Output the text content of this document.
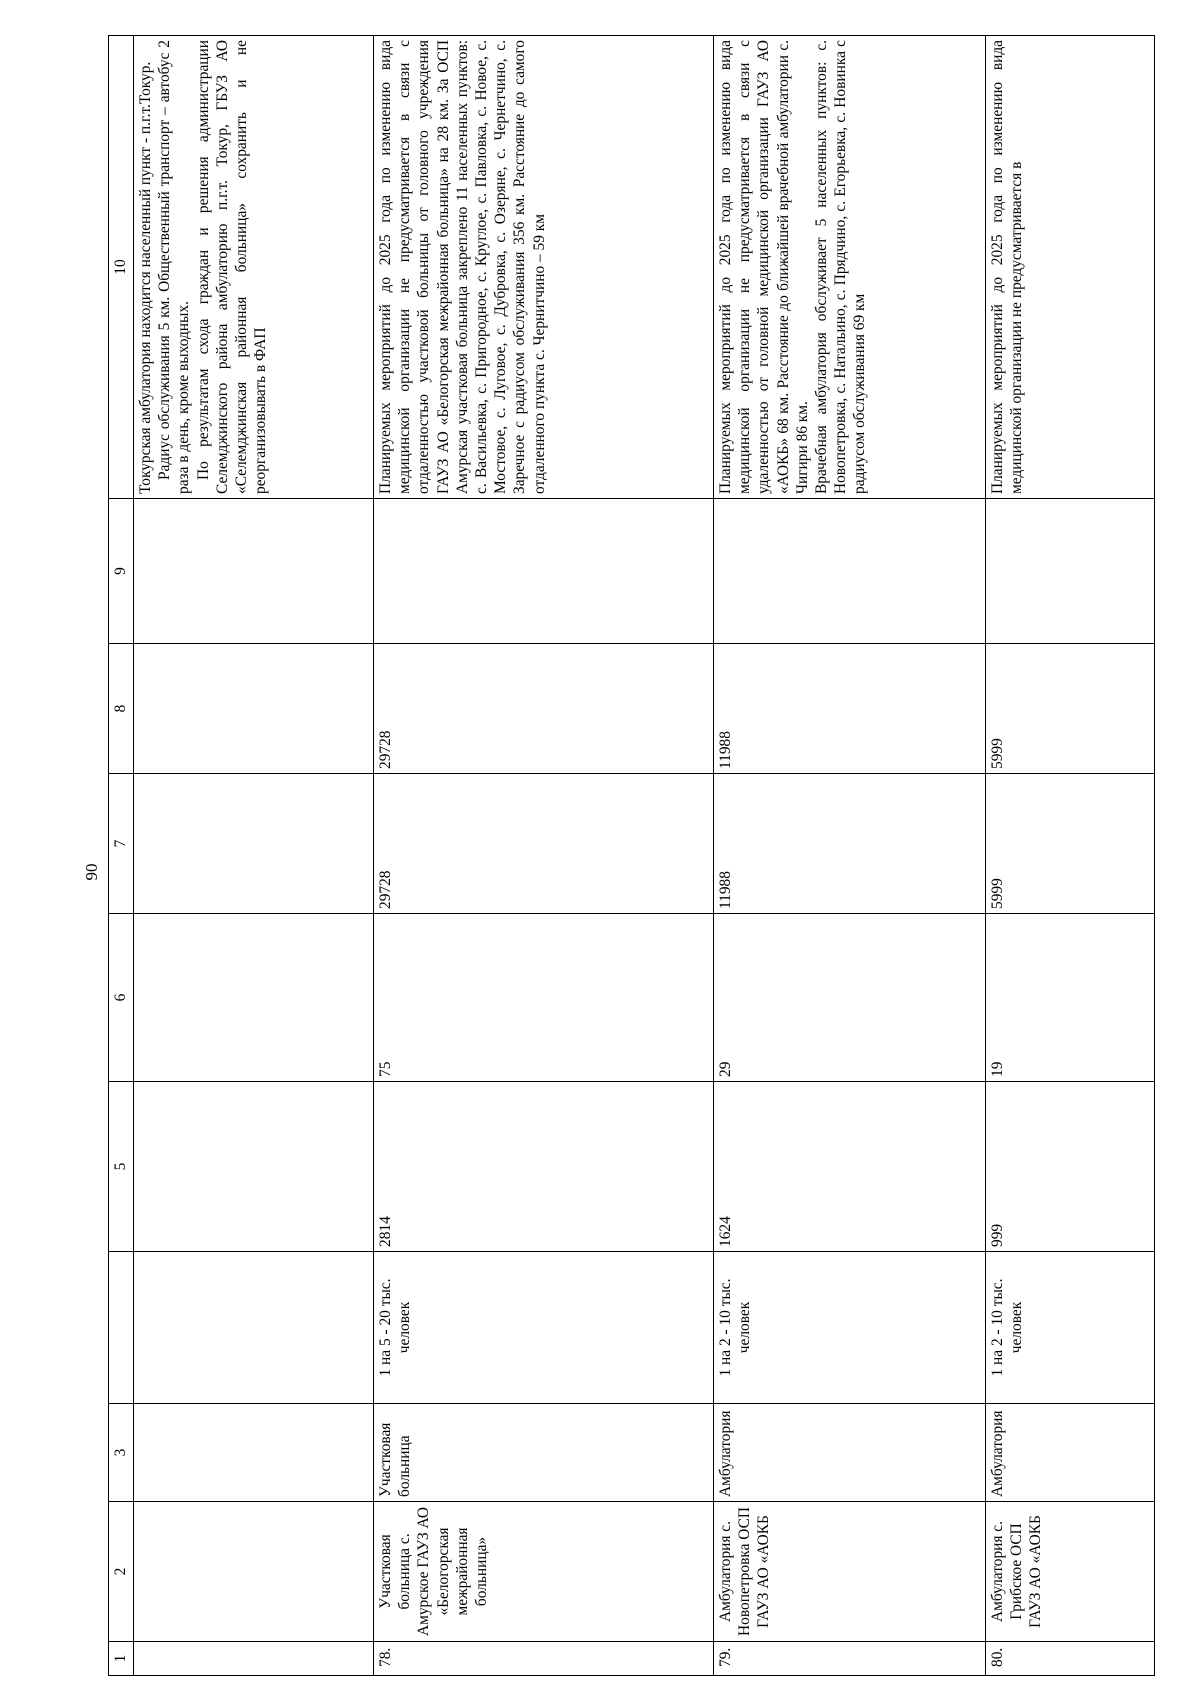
90
1	2	3		5	6	7	8	9	10

									Токурская амбулатория находится населенный пункт - п.г.т.Токур. Радиус обслуживания 5 км. Общественный транспорт – автобус 2 раза в день, кроме выходных. По результатам схода граждан и решения администрации Селемджинского района амбулаторию п.г.т. Токур, ГБУЗ АО «Селемджинская районная больница» сохранить и не реорганизовывать в ФАП

78.	Участковая больница с. Амурское ГАУЗ АО «Белогорская межрайонная больница»	Участковая больница	1 на 5 - 20 тыс. человек	2814	75	29728	29728		Планируемых мероприятий до 2025 года по изменению вида медицинской организации не предусматривается в связи с отдаленностью участковой больницы от головного учреждения ГАУЗ АО «Белогорская межрайонная больница» на 28 км. За ОСП Амурская участковая больница закреплено 11 населенных пунктов: с. Васильевка, с. Пригородное, с. Круглое, с. Павловка, с. Новое, с. Мостовое, с. Луговое, с. Дубровка, с. Озеряне, с. Чернетчино, с. Заречное с радиусом обслуживания 356 км. Расстояние до самого отдаленного пункта с. Чернитчино – 59 км

79.	Амбулатория с. Новопетровка ОСП ГАУЗ АО «АОКБ	Амбулатория	1 на 2 - 10 тыс. человек	1624	29	11988	11988		Планируемых мероприятий до 2025 года по изменению вида медицинской организации не предусматривается в связи с удаленностью от головной медицинской организации ГАУЗ АО «АОКБ» 68 км. Расстояние до ближайшей врачебной амбулатории с. Чигири 86 км. Врачебная амбулатория обслуживает 5 населенных пунктов: с. Новопетровка, с. Натальино, с. Прядчино, с. Егорьевка, с. Новинка с радиусом обслуживания 69 км

80.	Амбулатория с. Грибское ОСП ГАУЗ АО «АОКБ	Амбулатория	1 на 2 - 10 тыс. человек	999	19	5999	5999		Планируемых мероприятий до 2025 года по изменению вида медицинской организации не предусматривается в
